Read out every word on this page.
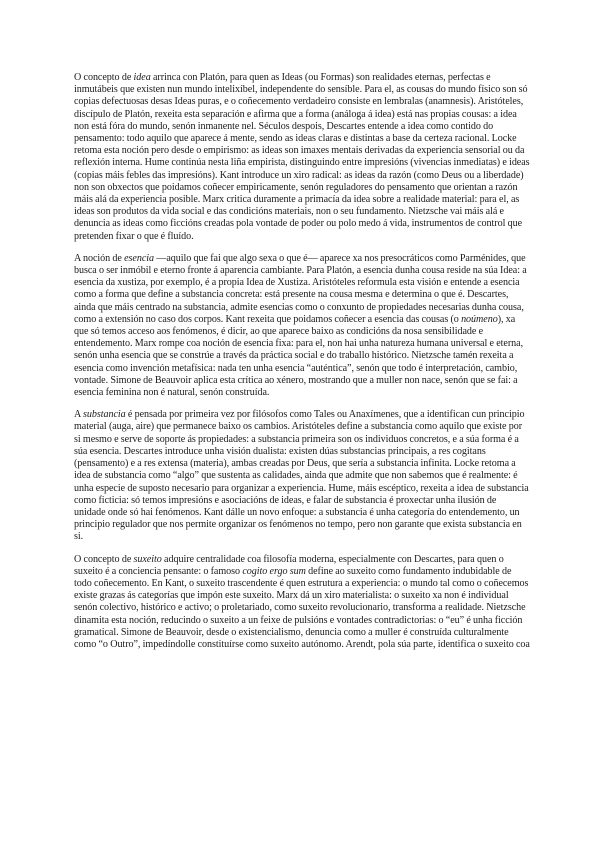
O concepto de idea arrinca con Platón, para quen as Ideas (ou Formas) son realidades eternas, perfectas e inmutábeis que existen nun mundo intelixíbel, independente do sensíble. Para el, as cousas do mundo físico son só copias defectuosas desas Ideas puras, e o coñecemento verdadeiro consiste en lembralas (anamnesis). Aristóteles, discípulo de Platón, rexeita esta separación e afirma que a forma (análoga á idea) está nas propias cousas: a idea non está fóra do mundo, senón inmanente nel. Séculos despois, Descartes entende a idea como contido do pensamento: todo aquilo que aparece á mente, sendo as ideas claras e distintas a base da certeza racional. Locke retoma esta noción pero desde o empirismo: as ideas son imaxes mentais derivadas da experiencia sensorial ou da reflexión interna. Hume continúa nesta liña empirista, distinguindo entre impresións (vivencias inmediatas) e ideas (copias máis febles das impresións). Kant introduce un xiro radical: as ideas da razón (como Deus ou a liberdade) non son obxectos que poidamos coñecer empiricamente, senón reguladores do pensamento que orientan a razón máis alá da experiencia posible. Marx critica duramente a primacía da idea sobre a realidade material: para el, as ideas son produtos da vida social e das condicións materiais, non o seu fundamento. Nietzsche vai máis alá e denuncia as ideas como ficcións creadas pola vontade de poder ou polo medo á vida, instrumentos de control que pretenden fixar o que é fluído.

A noción de esencia —aquilo que fai que algo sexa o que é— aparece xa nos presocráticos como Parménides, que busca o ser inmóbil e eterno fronte á aparencia cambiante. Para Platón, a esencia dunha cousa reside na súa Idea: a esencia da xustiza, por exemplo, é a propia Idea de Xustiza. Aristóteles reformula esta visión e entende a esencia como a forma que define a substancia concreta: está presente na cousa mesma e determina o que é. Descartes, ainda que máis centrado na substancia, admite esencias como o conxunto de propiedades necesarias dunha cousa, como a extensión no caso dos corpos. Kant rexeita que poidamos coñecer a esencia das cousas (o noúmeno), xa que só temos acceso aos fenómenos, é dicir, ao que aparece baixo as condicións da nosa sensibilidade e entendemento. Marx rompe coa noción de esencia fixa: para el, non hai unha natureza humana universal e eterna, senón unha esencia que se constrúe a través da práctica social e do traballo histórico. Nietzsche tamén rexeita a esencia como invención metafísica: nada ten unha esencia “auténtica”, senón que todo é interpretación, cambio, vontade. Simone de Beauvoir aplica esta crítica ao xénero, mostrando que a muller non nace, senón que se fai: a esencia feminina non é natural, senón construída.

A substancia é pensada por primeira vez por filósofos como Tales ou Anaxímenes, que a identifican cun principio material (auga, aire) que permanece baixo os cambios. Aristóteles define a substancia como aquilo que existe por si mesmo e serve de soporte ás propiedades: a substancia primeira son os individuos concretos, e a súa forma é a súa esencia. Descartes introduce unha visión dualista: existen dúas substancias principais, a res cogitans (pensamento) e a res extensa (materia), ambas creadas por Deus, que sería a substancia infinita. Locke retoma a idea de substancia como “algo” que sustenta as calidades, ainda que admite que non sabemos que é realmente: é unha especie de suposto necesario para organizar a experiencia. Hume, máis escéptico, rexeita a idea de substancia como ficticia: só temos impresións e asociacións de ideas, e falar de substancia é proxectar unha ilusión de unidade onde só hai fenómenos. Kant dálle un novo enfoque: a substancia é unha categoría do entendemento, un principio regulador que nos permite organizar os fenómenos no tempo, pero non garante que exista substancia en si.

O concepto de suxeito adquire centralidade coa filosofía moderna, especialmente con Descartes, para quen o suxeito é a conciencia pensante: o famoso cogito ergo sum define ao suxeito como fundamento indubidable de todo coñecemento. En Kant, o suxeito trascendente é quen estrutura a experiencia: o mundo tal como o coñecemos existe grazas ás categorías que impón este suxeito. Marx dá un xiro materialista: o suxeito xa non é individual senón colectivo, histórico e activo; o proletariado, como suxeito revolucionario, transforma a realidade. Nietzsche dinamita esta noción, reducindo o suxeito a un feixe de pulsións e vontades contradictorias: o “eu” é unha ficción gramatical. Simone de Beauvoir, desde o existencialismo, denuncia como a muller é construída culturalmente como “o Outro”, impedíndolle constituírse como suxeito autónomo. Arendt, pola súa parte, identifica o suxeito coa
